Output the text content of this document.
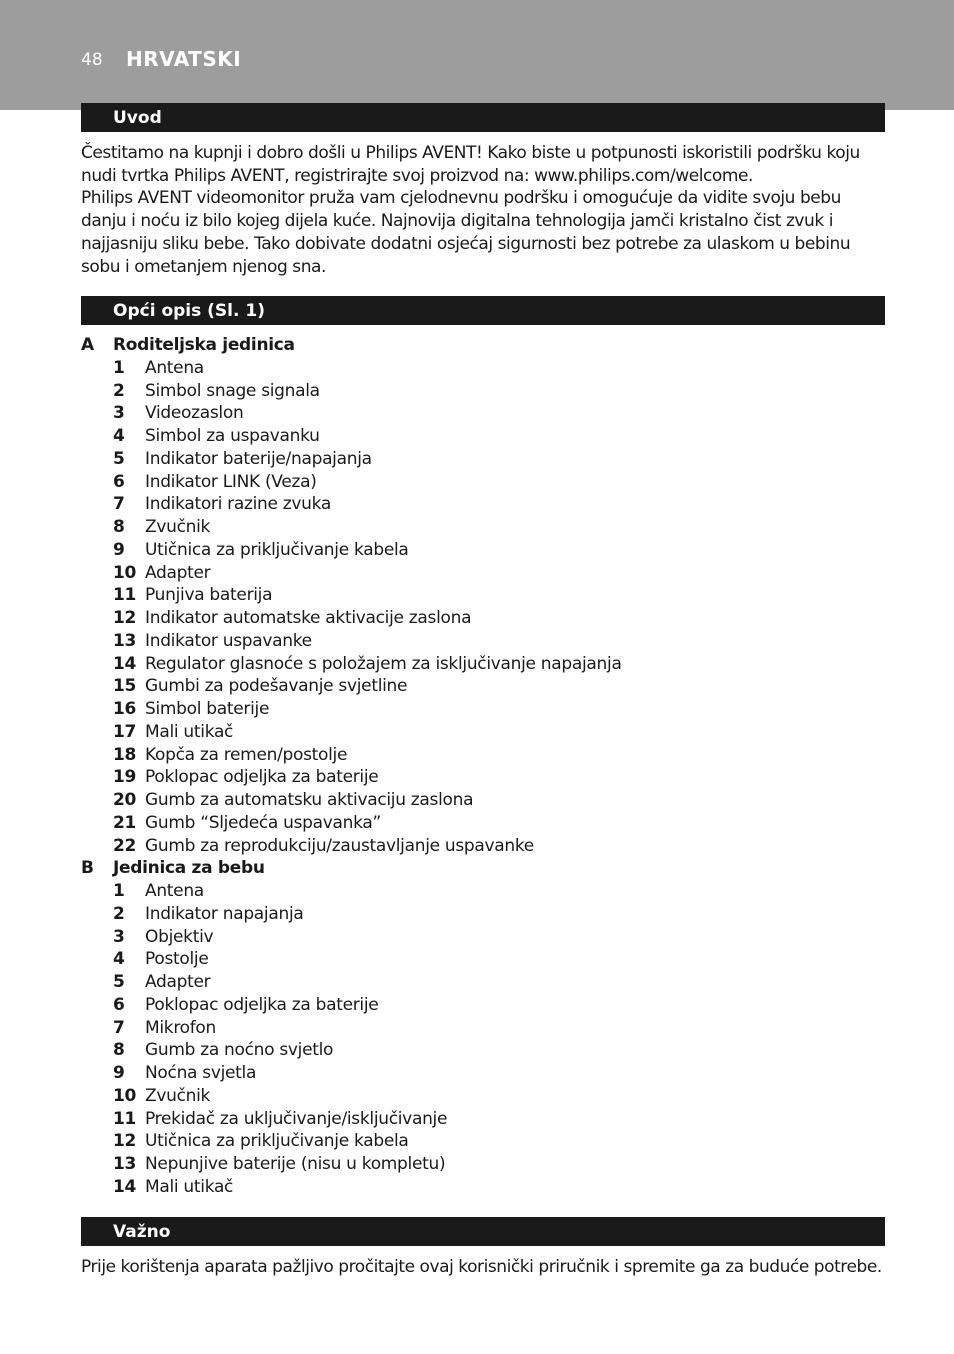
48 HRVATSKI
Uvod

Čestitamo na kupnji i dobro došli u Philips AVENT! Kako biste u potpunosti iskoristili podršku koju nudi tvrtka Philips AVENT, registrirajte svoj proizvod na: www.philips.com/welcome.

Philips AVENT videomonitor pruža vam cjelodnevnu podršku i omogućuje da vidite svoju bebu danju i noću iz bilo kojeg dijela kuće. Najnovija digitalna tehnologija jamči kristalno čist zvuk i najjasniju sliku bebe. Tako dobivate dodatni osjećaj sigurnosti bez potrebe za ulaskom u bebinu sobu i ometanjem njenog sna.

Opći opis (Sl. 1)
A Roditeljska jedinica
1 Antena
2 Simbol snage signala
3 Videozaslon
4 Simbol za uspavanku
5 Indikator baterije/napajanja
6 Indikator LINK (Veza)
7 Indikatori razine zvuka
8 Zvučnik
9 Utičnica za priključivanje kabela
10 Adapter
11 Punjiva baterija
12 Indikator automatske aktivacije zaslona
13 Indikator uspavanke
14 Regulator glasnoće s položajem za isključivanje napajanja
15 Gumbi za podešavanje svjetline
16 Simbol baterije
17 Mali utikač
18 Kopča za remen/postolje
19 Poklopac odjeljka za baterije
20 Gumb za automatsku aktivaciju zaslona
21 Gumb “Sljedeća uspavanka”
22 Gumb za reprodukciju/zaustavljanje uspavanke
B Jedinica za bebu
1 Antena
2 Indikator napajanja
3 Objektiv
4 Postolje
5 Adapter
6 Poklopac odjeljka za baterije
7 Mikrofon
8 Gumb za noćno svjetlo
9 Noćna svjetla
10 Zvučnik
11 Prekidač za uključivanje/isključivanje
12 Utičnica za priključivanje kabela
13 Nepunjive baterije (nisu u kompletu)
14 Mali utikač
Važno

Prije korištenja aparata pažljivo pročitajte ovaj korisnički priručnik i spremite ga za buduće potrebe.
